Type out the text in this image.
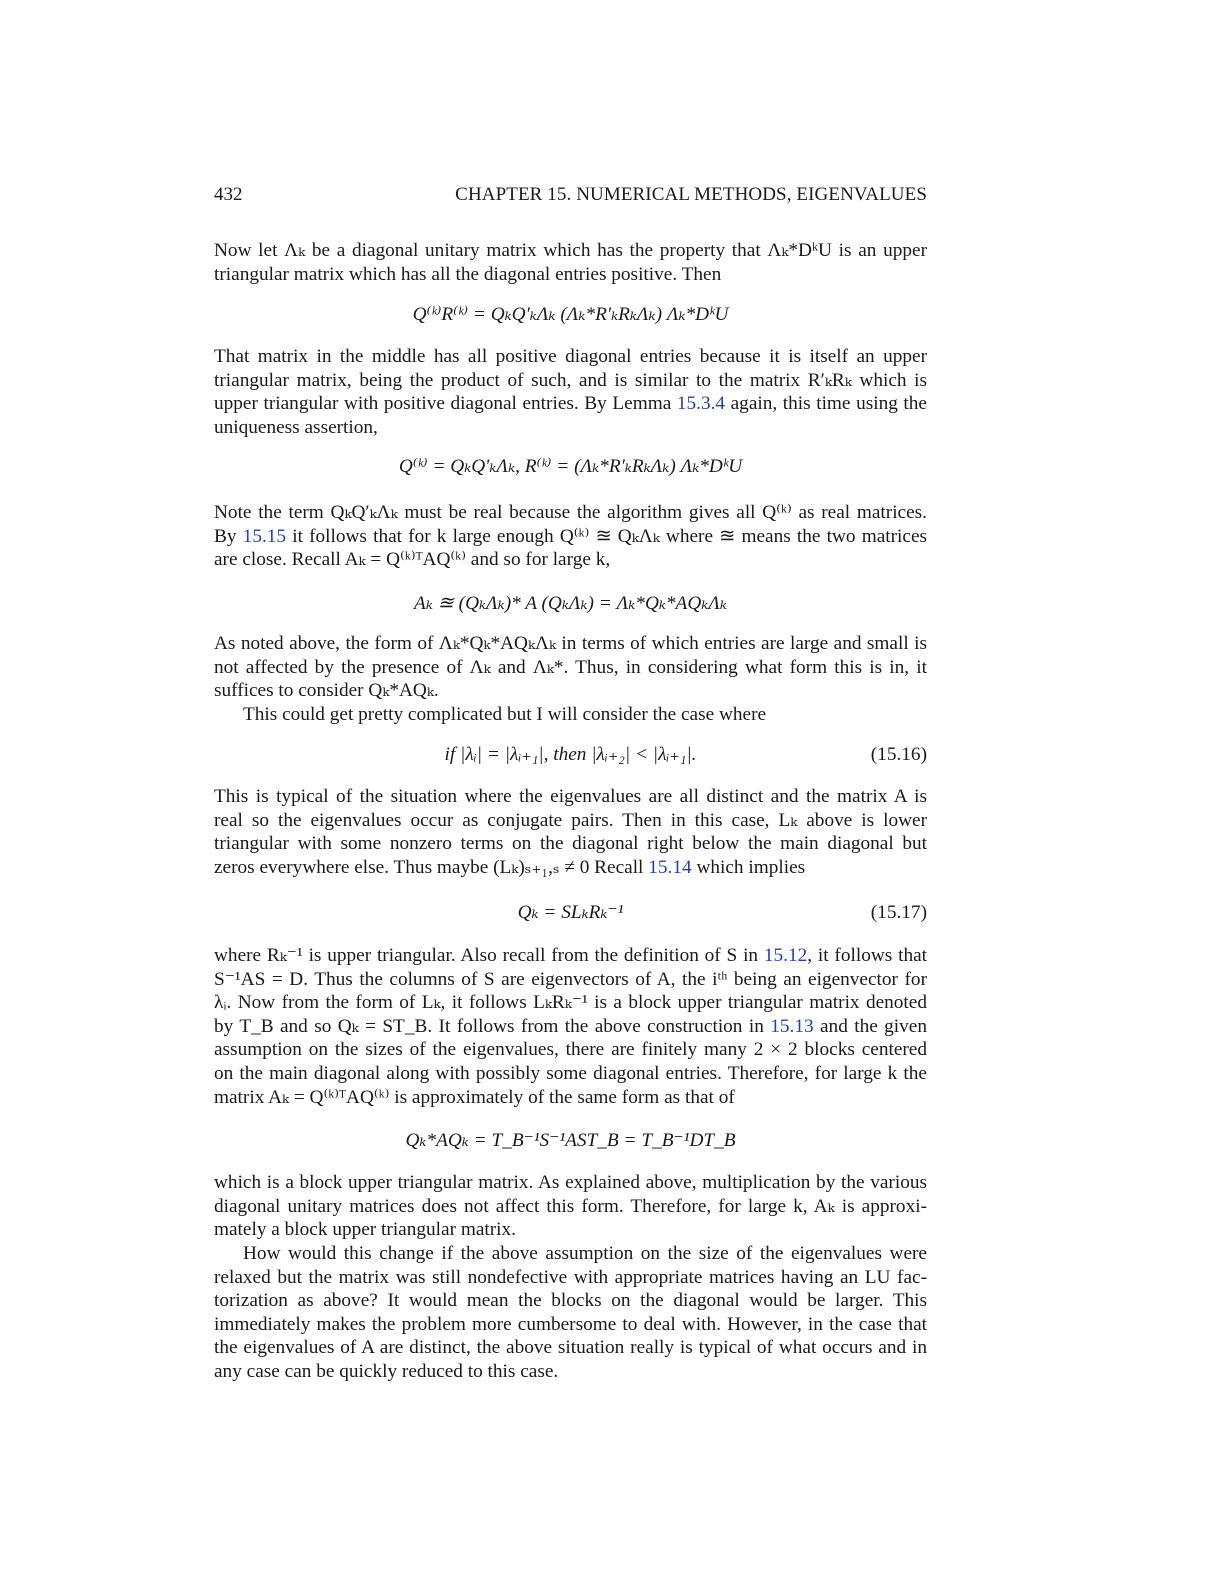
432	CHAPTER 15. NUMERICAL METHODS, EIGENVALUES
Now let Λₖ be a diagonal unitary matrix which has the property that Λₖ*DᵏU is an upper
triangular matrix which has all the diagonal entries positive. Then
Q⁽ᵏ⁾R⁽ᵏ⁾ = QₖQ′ₖΛₖ (Λₖ*R′ₖRₖΛₖ) Λₖ*DᵏU
That matrix in the middle has all positive diagonal entries because it is itself an upper
triangular matrix, being the product of such, and is similar to the matrix R′ₖRₖ which is
upper triangular with positive diagonal entries. By Lemma 15.3.4 again, this time using the
uniqueness assertion,
Q⁽ᵏ⁾ = QₖQ′ₖΛₖ, R⁽ᵏ⁾ = (Λₖ*R′ₖRₖΛₖ) Λₖ*DᵏU
Note the term QₖQ′ₖΛₖ must be real because the algorithm gives all Q⁽ᵏ⁾ as real matrices.
By 15.15 it follows that for k large enough Q⁽ᵏ⁾ ≊ QₖΛₖ where ≊ means the two matrices
are close. Recall Aₖ = Q⁽ᵏ⁾ᵀAQ⁽ᵏ⁾ and so for large k,
Aₖ ≊ (QₖΛₖ)* A (QₖΛₖ) = Λₖ*Qₖ*AQₖΛₖ
As noted above, the form of Λₖ*Qₖ*AQₖΛₖ in terms of which entries are large and small is
not affected by the presence of Λₖ and Λₖ*. Thus, in considering what form this is in, it
suffices to consider Qₖ*AQₖ.
This could get pretty complicated but I will consider the case where
if |λᵢ| = |λᵢ₊₁|, then |λᵢ₊₂| < |λᵢ₊₁|.	(15.16)
This is typical of the situation where the eigenvalues are all distinct and the matrix A is
real so the eigenvalues occur as conjugate pairs. Then in this case, Lₖ above is lower
triangular with some nonzero terms on the diagonal right below the main diagonal but
zeros everywhere else. Thus maybe (Lₖ)ₛ₊₁,ₛ ≠ 0 Recall 15.14 which implies
Qₖ = SLₖRₖ⁻¹	(15.17)
where Rₖ⁻¹ is upper triangular. Also recall from the definition of S in 15.12, it follows that
S⁻¹AS = D. Thus the columns of S are eigenvectors of A, the iᵗʰ being an eigenvector for
λᵢ. Now from the form of Lₖ, it follows LₖRₖ⁻¹ is a block upper triangular matrix denoted
by T_B and so Qₖ = ST_B. It follows from the above construction in 15.13 and the given
assumption on the sizes of the eigenvalues, there are finitely many 2 × 2 blocks centered
on the main diagonal along with possibly some diagonal entries. Therefore, for large k the
matrix Aₖ = Q⁽ᵏ⁾ᵀAQ⁽ᵏ⁾ is approximately of the same form as that of
Qₖ*AQₖ = T_B⁻¹S⁻¹AST_B = T_B⁻¹DT_B
which is a block upper triangular matrix. As explained above, multiplication by the various
diagonal unitary matrices does not affect this form. Therefore, for large k, Aₖ is approxi-
mately a block upper triangular matrix.
How would this change if the above assumption on the size of the eigenvalues were
relaxed but the matrix was still nondefective with appropriate matrices having an LU fac-
torization as above? It would mean the blocks on the diagonal would be larger. This
immediately makes the problem more cumbersome to deal with. However, in the case that
the eigenvalues of A are distinct, the above situation really is typical of what occurs and in
any case can be quickly reduced to this case.
